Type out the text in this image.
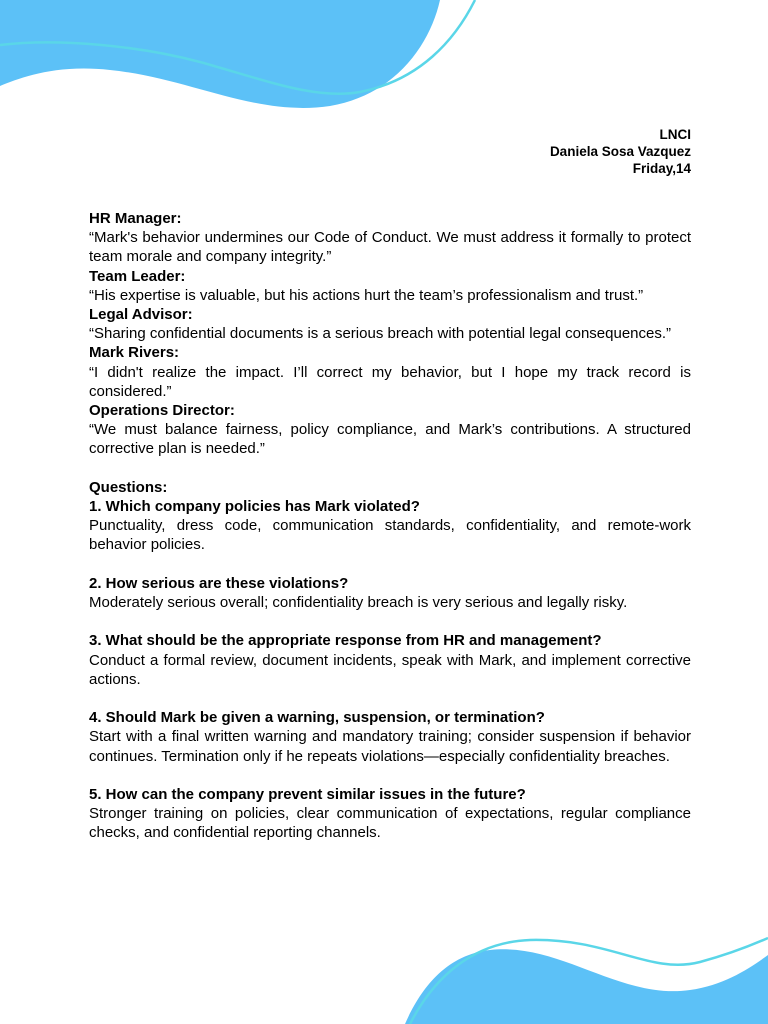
LNCI
Daniela Sosa Vazquez
Friday,14

HR Manager:

“Mark's behavior undermines our Code of Conduct. We must address it formally to protect team morale and company integrity.”

Team Leader:

“His expertise is valuable, but his actions hurt the team’s professionalism and trust.”

Legal Advisor:

“Sharing confidential documents is a serious breach with potential legal consequences.”

Mark Rivers:

“I didn't realize the impact. I’ll correct my behavior, but I hope my track record is considered.”

Operations Director:

“We must balance fairness, policy compliance, and Mark’s contributions. A structured corrective plan is needed.”

Questions:

1. Which company policies has Mark violated?

Punctuality, dress code, communication standards, confidentiality, and remote-work behavior policies.

2. How serious are these violations?

Moderately serious overall; confidentiality breach is very serious and legally risky.

3. What should be the appropriate response from HR and management?

Conduct a formal review, document incidents, speak with Mark, and implement corrective actions.

4. Should Mark be given a warning, suspension, or termination?

Start with a final written warning and mandatory training; consider suspension if behavior continues. Termination only if he repeats violations—especially confidentiality breaches.

5. How can the company prevent similar issues in the future?

Stronger training on policies, clear communication of expectations, regular compliance checks, and confidential reporting channels.
